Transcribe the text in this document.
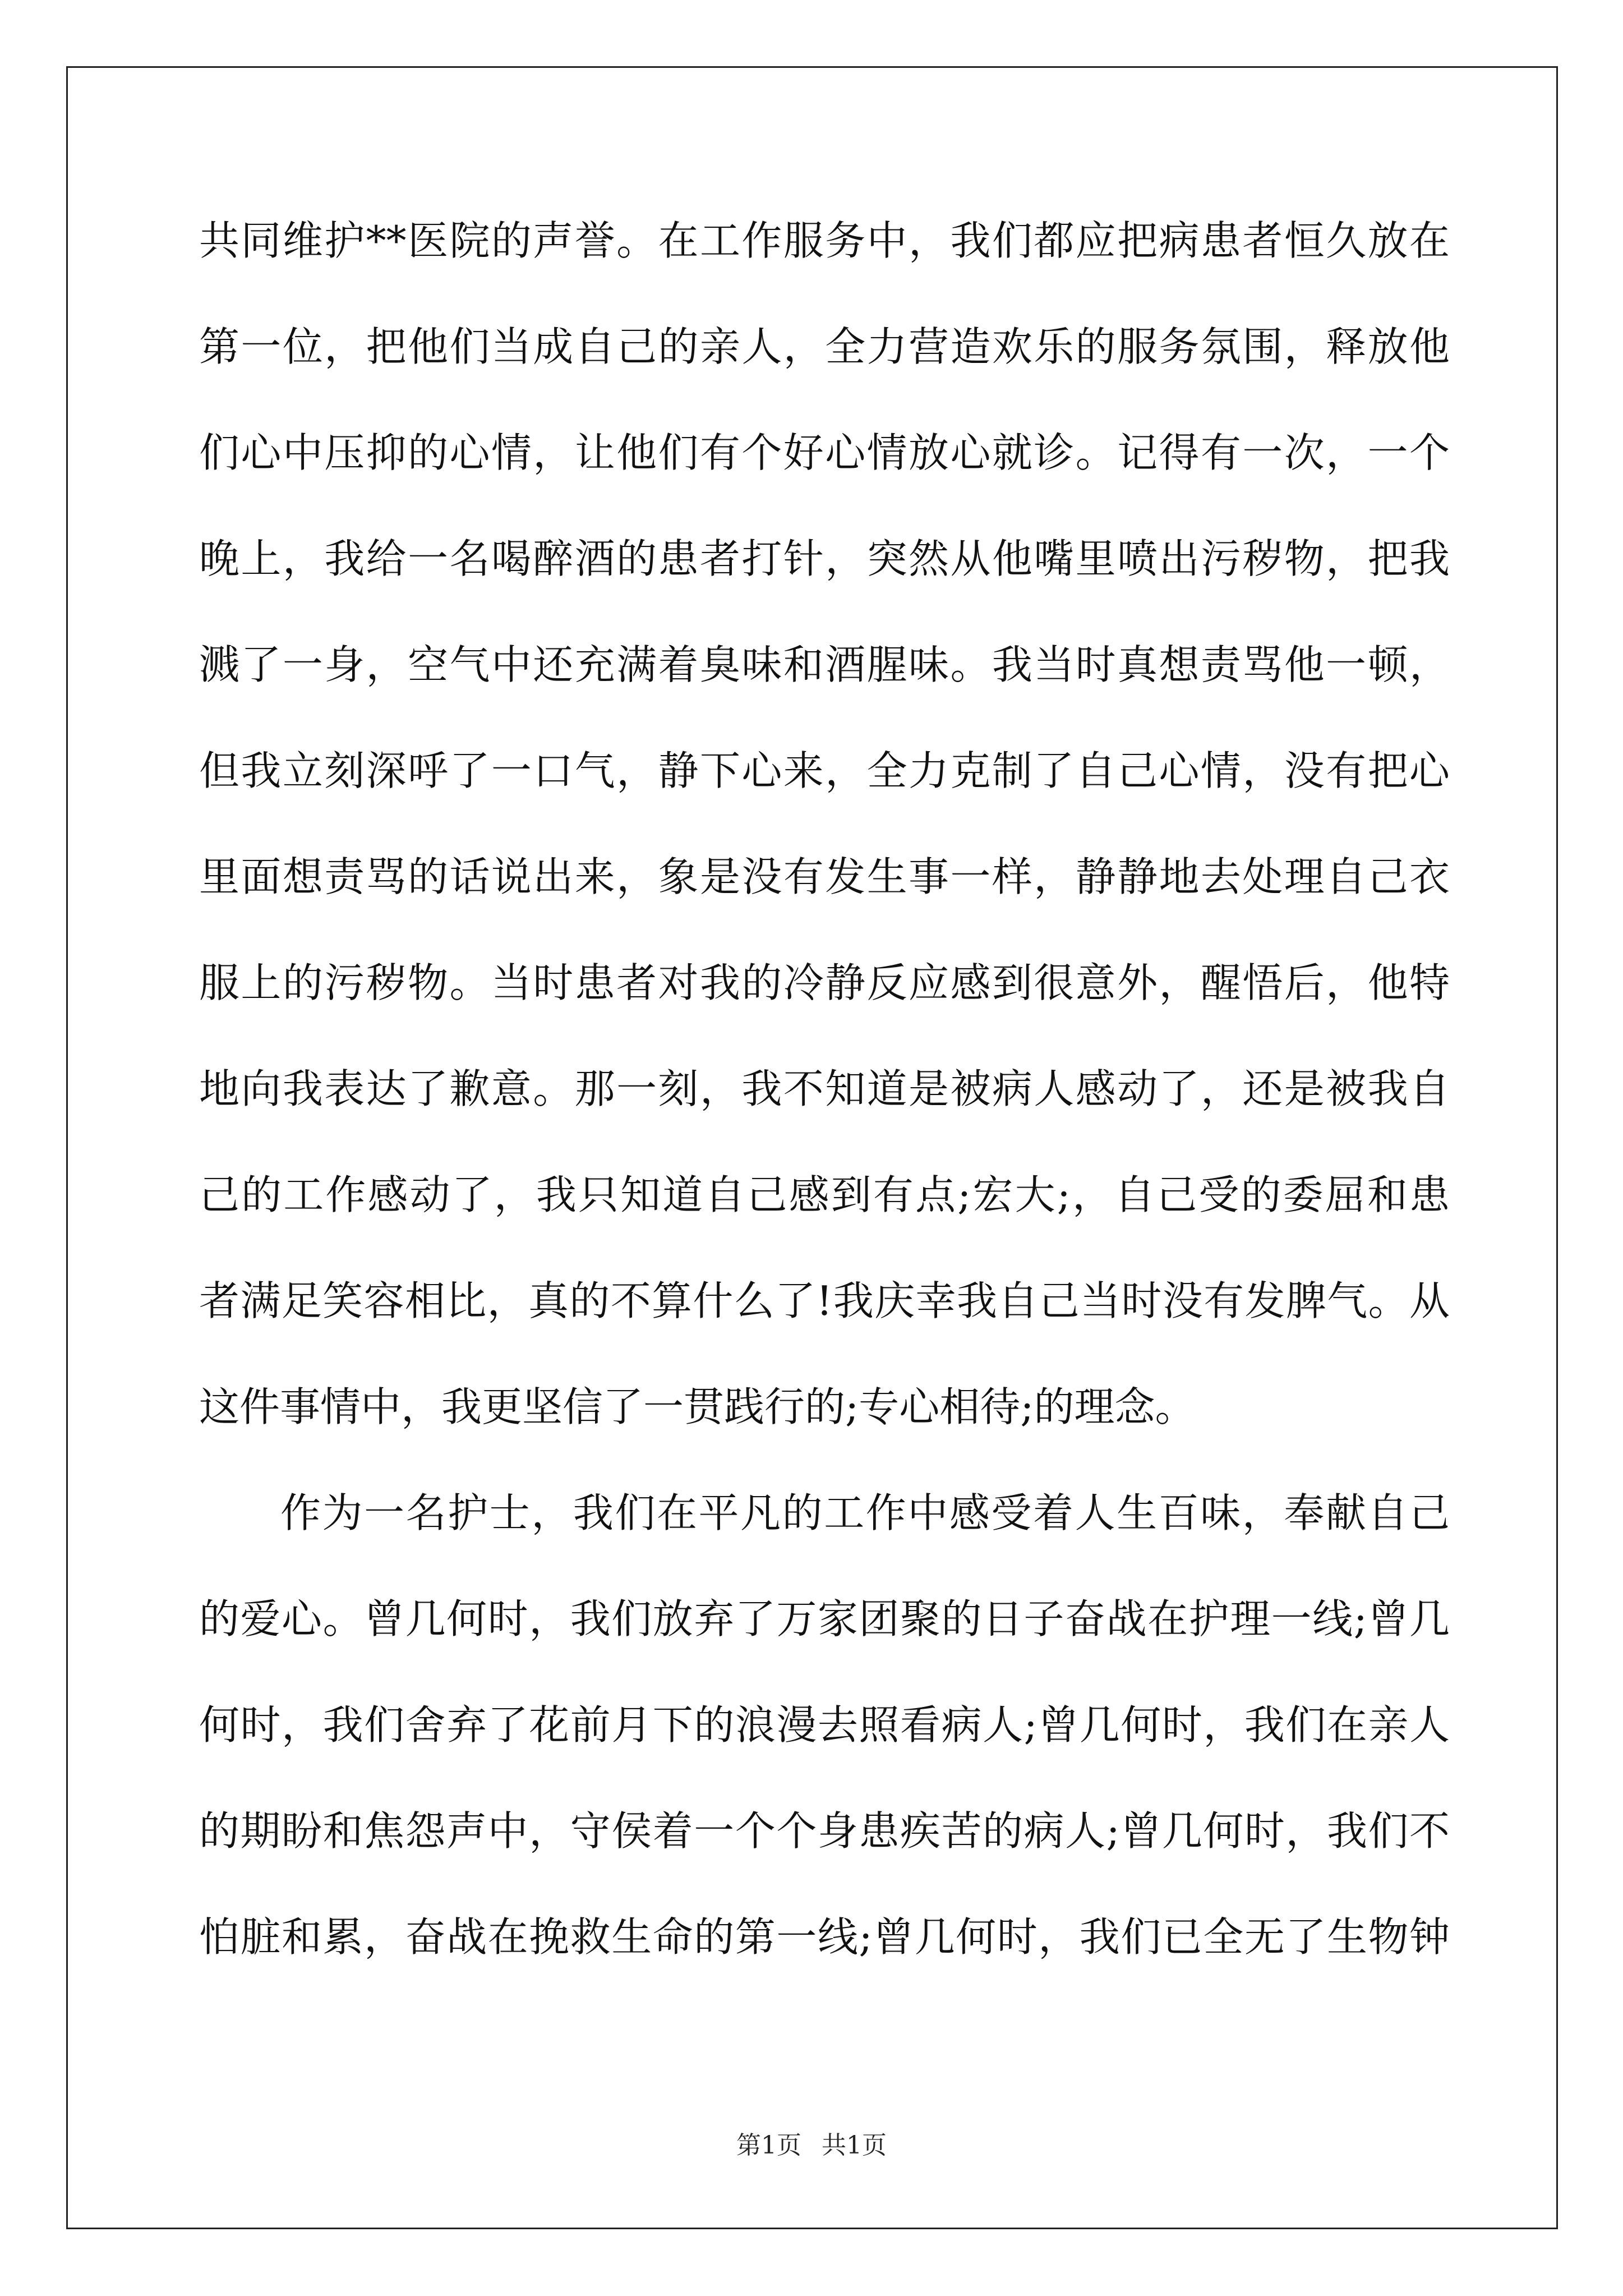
共同维护**医院的声誉。在工作服务中，我们都应把病患者恒久放在
第一位，把他们当成自己的亲人，全力营造欢乐的服务氛围，释放他
们心中压抑的心情，让他们有个好心情放心就诊。记得有一次，一个
晚上，我给一名喝醉酒的患者打针，突然从他嘴里喷出污秽物，把我
溅了一身，空气中还充满着臭味和酒腥味。我当时真想责骂他一顿，
但我立刻深呼了一口气，静下心来，全力克制了自己心情，没有把心
里面想责骂的话说出来，象是没有发生事一样，静静地去处理自己衣
服上的污秽物。当时患者对我的冷静反应感到很意外，醒悟后，他特
地向我表达了歉意。那一刻，我不知道是被病人感动了，还是被我自
己的工作感动了，我只知道自己感到有点;宏大;，自己受的委屈和患
者满足笑容相比，真的不算什么了!我庆幸我自己当时没有发脾气。从
这件事情中，我更坚信了一贯践行的;专心相待;的理念。
作为一名护士，我们在平凡的工作中感受着人生百味，奉献自己
的爱心。曾几何时，我们放弃了万家团聚的日子奋战在护理一线;曾几
何时，我们舍弃了花前月下的浪漫去照看病人;曾几何时，我们在亲人
的期盼和焦怨声中，守侯着一个个身患疾苦的病人;曾几何时，我们不
怕脏和累，奋战在挽救生命的第一线;曾几何时，我们已全无了生物钟
第1页 共1页
